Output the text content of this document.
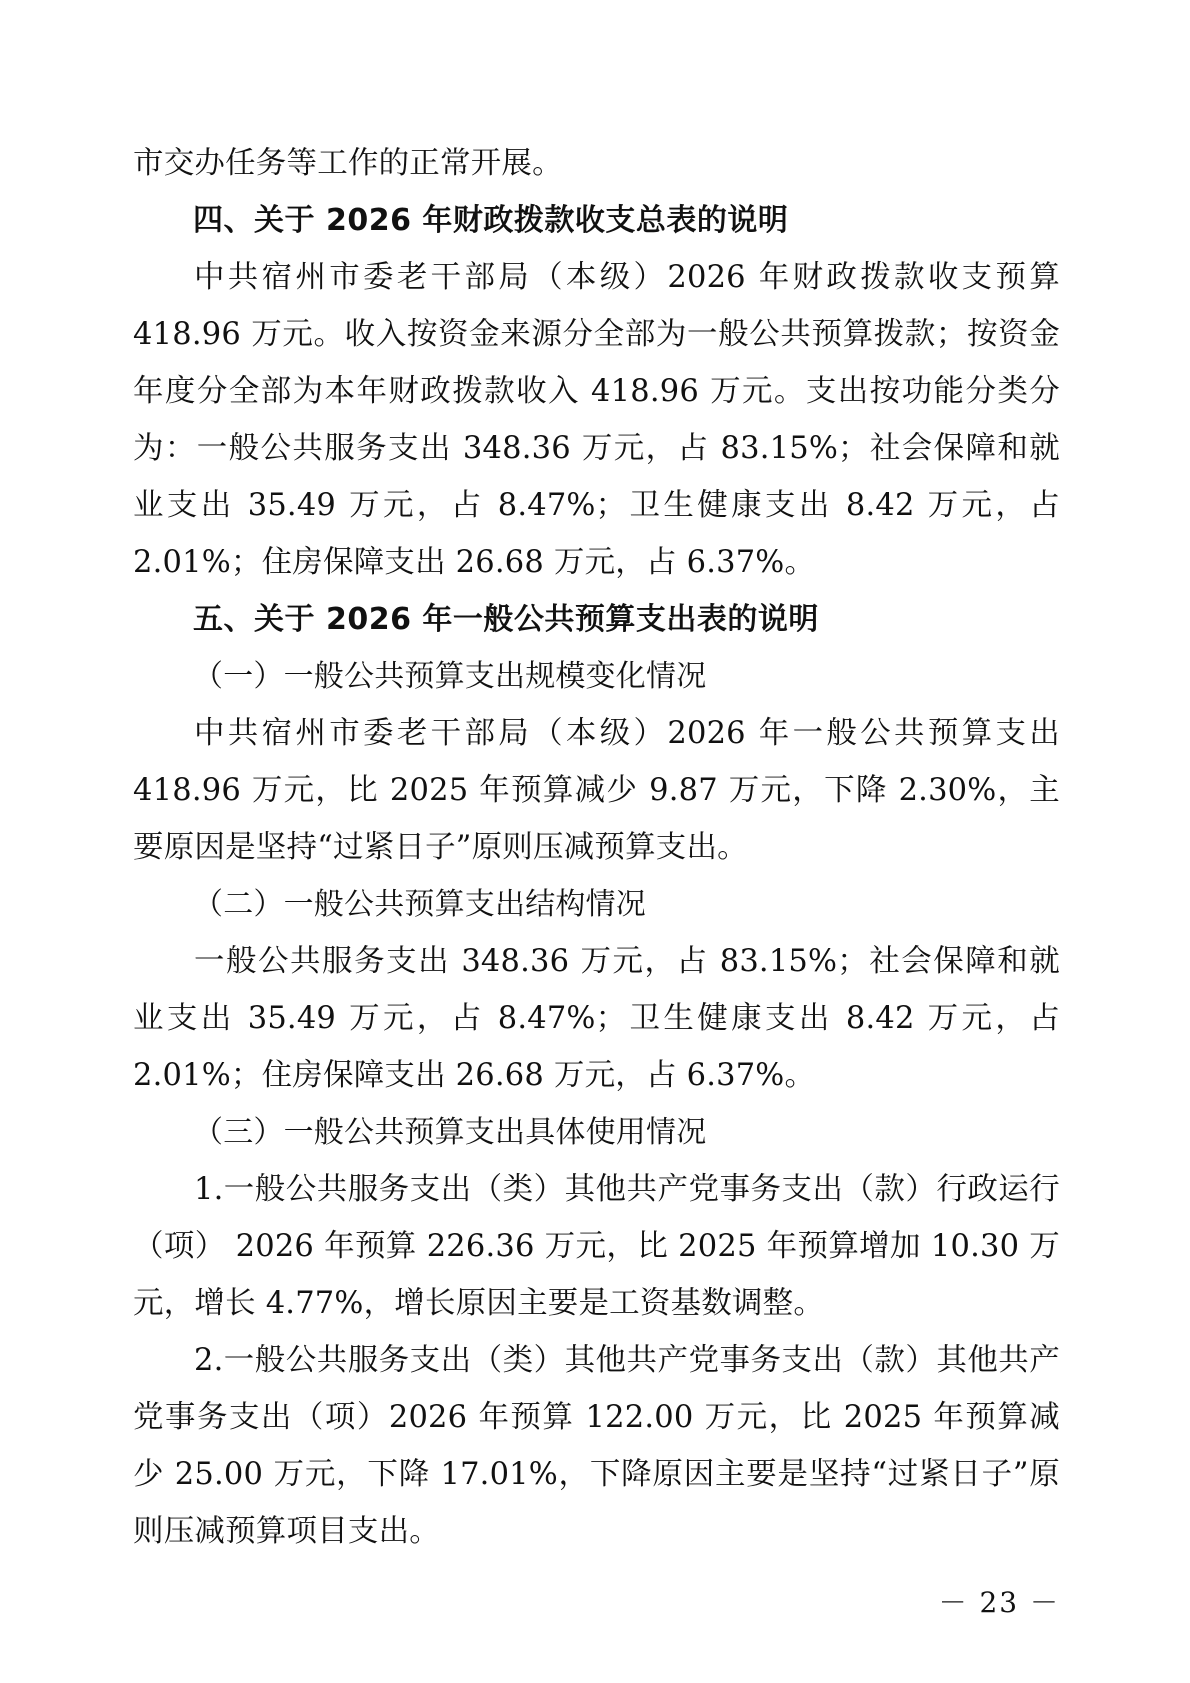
市交办任务等工作的正常开展。

四、关于 2026 年财政拨款收支总表的说明

中共宿州市委老干部局（本级）2026 年财政拨款收支预算 418.96 万元。收入按资金来源分全部为一般公共预算拨款；按资金年度分全部为本年财政拨款收入 418.96 万元。支出按功能分类分为：一般公共服务支出 348.36 万元，占 83.15%；社会保障和就业支出 35.49 万元，占 8.47%；卫生健康支出 8.42 万元，占 2.01%；住房保障支出 26.68 万元，占 6.37%。

五、关于 2026 年一般公共预算支出表的说明

（一）一般公共预算支出规模变化情况

中共宿州市委老干部局（本级）2026 年一般公共预算支出 418.96 万元，比 2025 年预算减少 9.87 万元，下降 2.30%，主要原因是坚持“过紧日子”原则压减预算支出。

（二）一般公共预算支出结构情况

一般公共服务支出 348.36 万元，占 83.15%；社会保障和就业支出 35.49 万元，占 8.47%；卫生健康支出 8.42 万元，占 2.01%；住房保障支出 26.68 万元，占 6.37%。

（三）一般公共预算支出具体使用情况

1.一般公共服务支出（类）其他共产党事务支出（款）行政运行（项） 2026 年预算 226.36 万元，比 2025 年预算增加 10.30 万元，增长 4.77%，增长原因主要是工资基数调整。

2.一般公共服务支出（类）其他共产党事务支出（款）其他共产党事务支出（项）2026 年预算 122.00 万元，比 2025 年预算减少 25.00 万元，下降 17.01%，下降原因主要是坚持“过紧日子”原则压减预算项目支出。

－ 23 －
